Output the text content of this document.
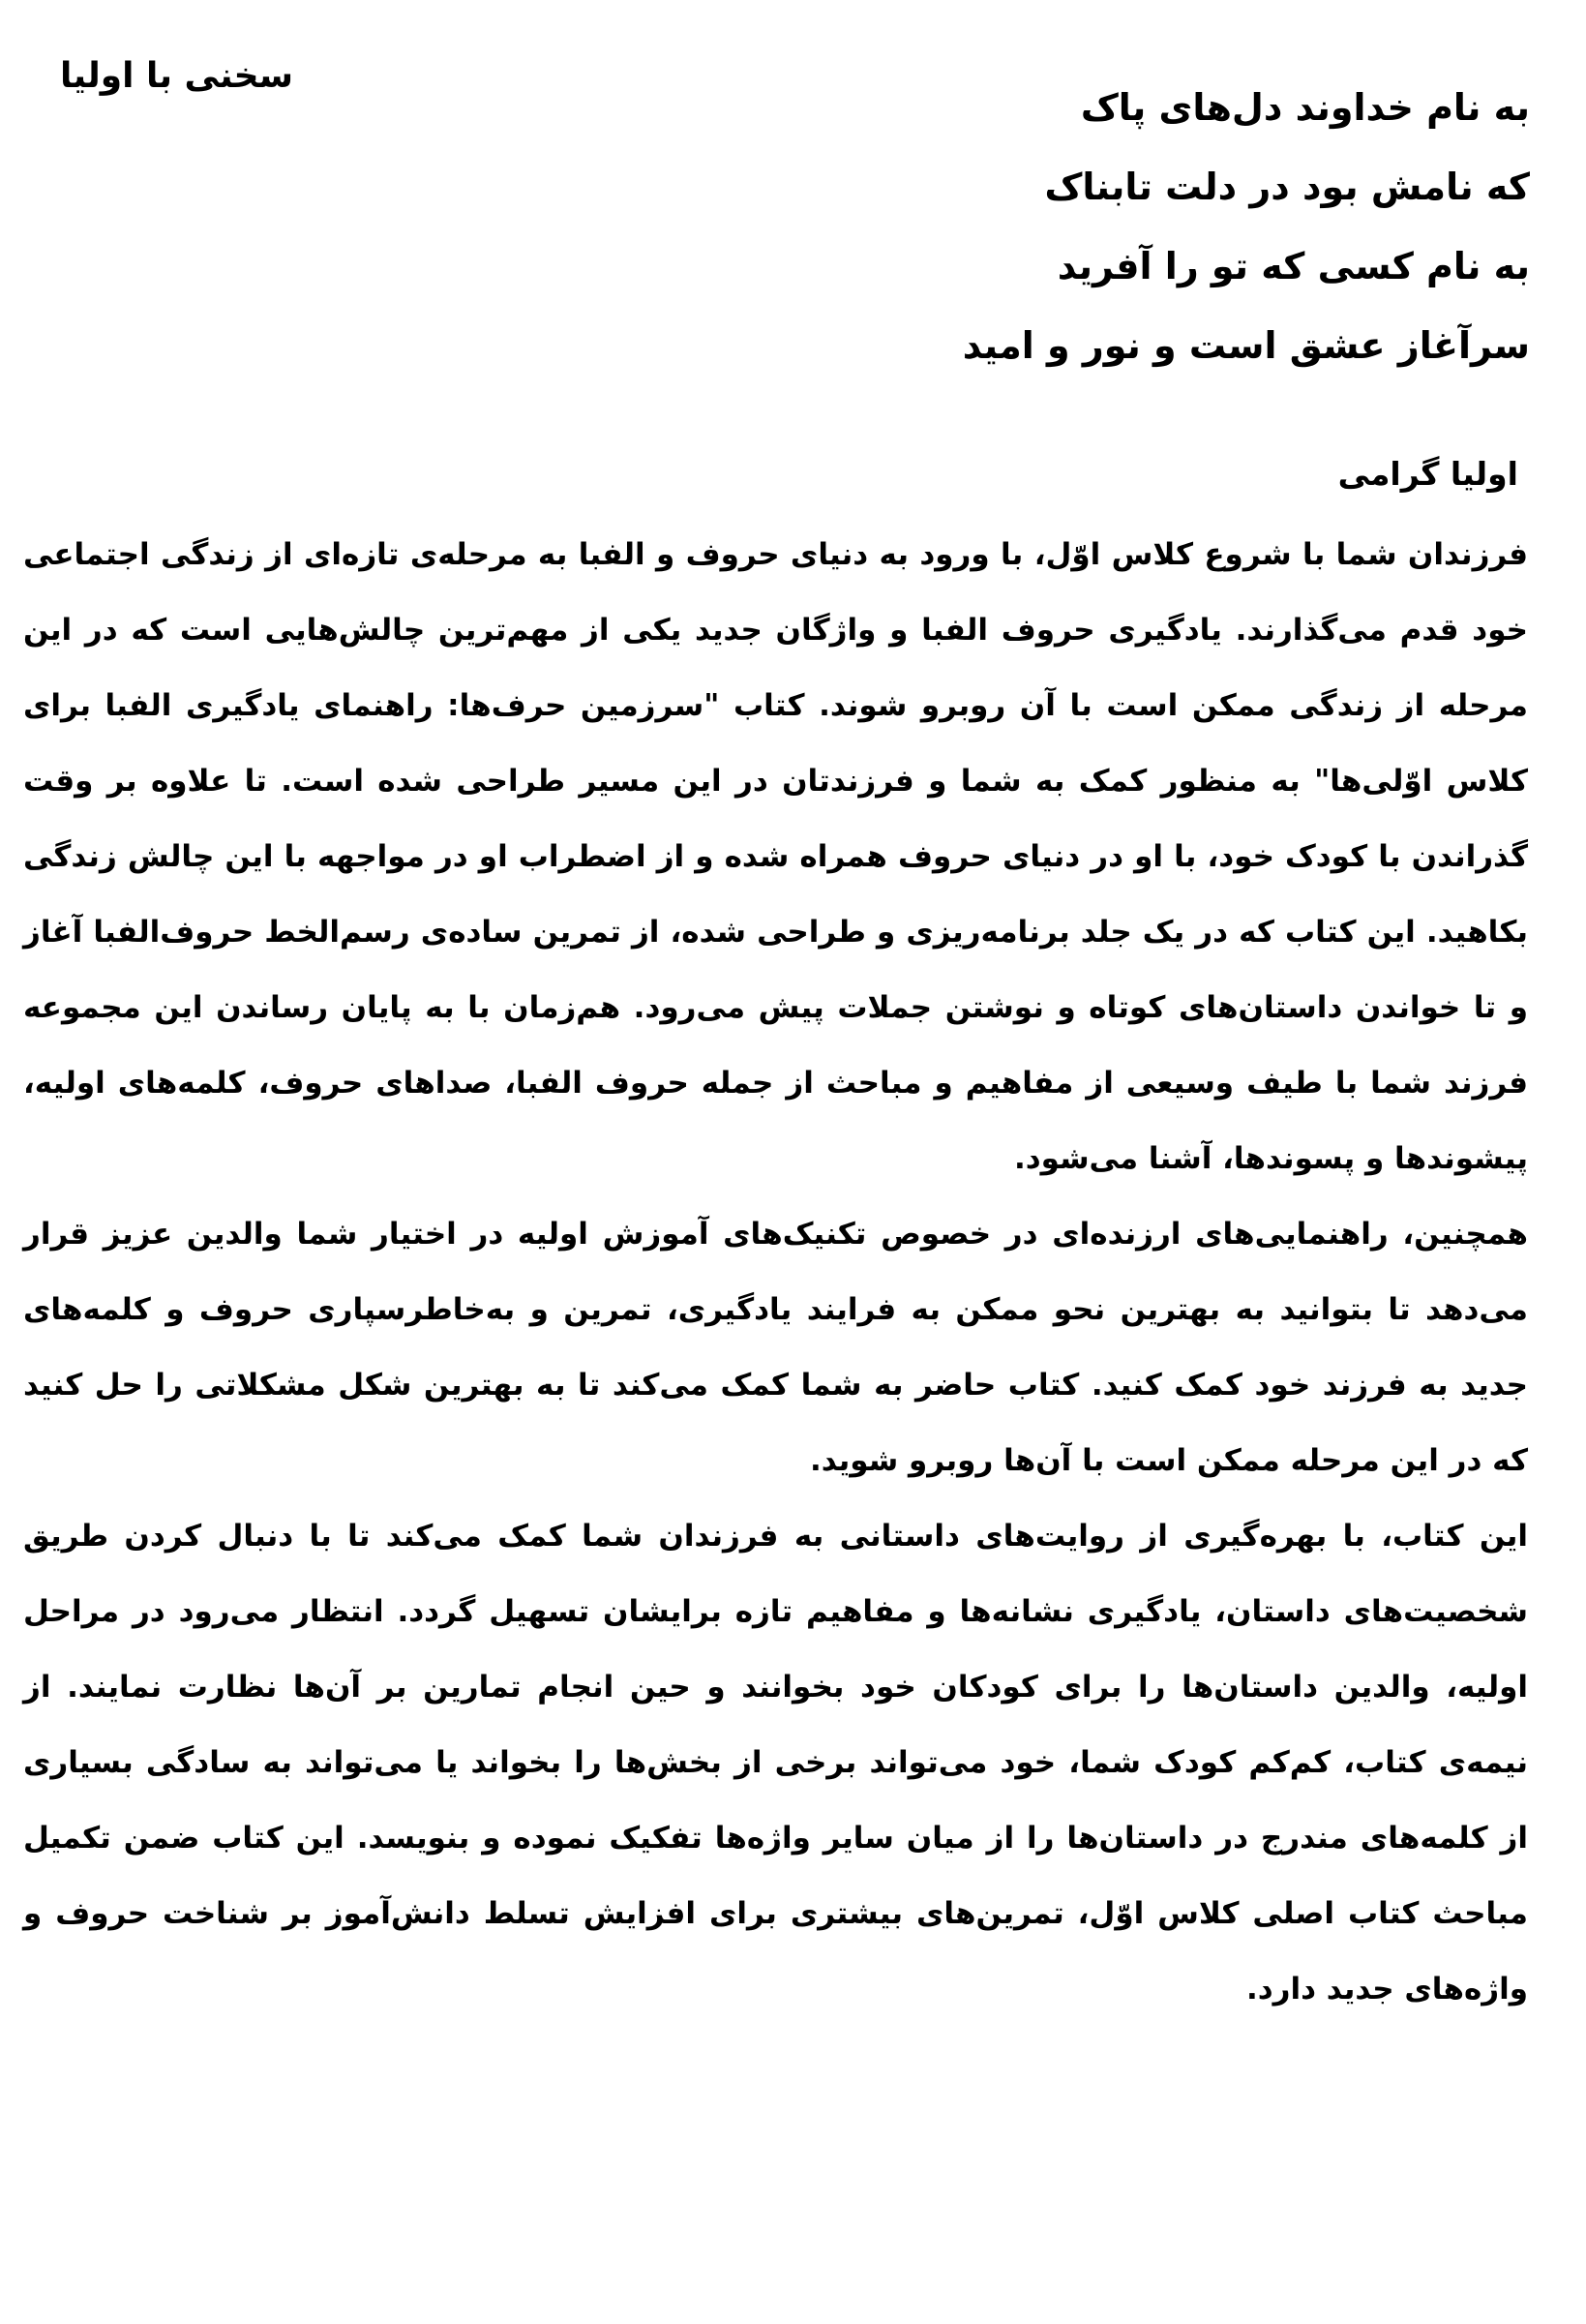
سخنی با اولیا
به نام خداوند دل‌های پاک
که نامش بود در دلت تابناک
به نام کسی که تو را آفرید
سرآغاز عشق است و نور و امید
اولیا گرامی

فرزندان شما با شروع کلاس اوّل، با ورود به دنیای حروف و الفبا به مرحله‌ی تازه‌ای از زندگی اجتماعی خود قدم می‌گذارند. یادگیری حروف الفبا و واژگان جدید یکی از مهم‌ترین چالش‌هایی است که در این مرحله از زندگی ممکن است با آن روبرو شوند. کتاب "سرزمین حرف‌ها: راهنمای یادگیری الفبا برای کلاس اوّلی‌ها" به منظور کمک به شما و فرزندتان در این مسیر طراحی شده است. تا علاوه بر وقت گذراندن با کودک خود، با او در دنیای حروف همراه شده و از اضطراب او در مواجهه با این چالش زندگی بکاهید. این کتاب که در یک جلد برنامه‌ریزی و طراحی شده، از تمرین ساده‌ی رسم‌الخط حروف‌الفبا آغاز و تا خواندن داستان‌های کوتاه و نوشتن جملات پیش می‌رود. هم‌زمان با به پایان رساندن این مجموعه فرزند شما با طیف وسیعی از مفاهیم و مباحث از جمله حروف الفبا، صداهای حروف، کلمه‌های اولیه، پیشوندها و پسوندها، آشنا می‌شود.

همچنین، راهنمایی‌های ارزنده‌ای در خصوص تکنیک‌های آموزش اولیه در اختیار شما والدین عزیز قرار می‌دهد تا بتوانید به بهترین نحو ممکن به فرایند یادگیری، تمرین و به‌خاطرسپاری حروف و کلمه‌های جدید به فرزند خود کمک کنید. کتاب حاضر به شما کمک می‌کند تا به بهترین شکل مشکلاتی را حل کنید که در این مرحله ممکن است با آن‌ها روبرو شوید.

این کتاب، با بهره‌گیری از روایت‌های داستانی به فرزندان شما کمک می‌کند تا با دنبال کردن طریق شخصیت‌های داستان، یادگیری نشانه‌ها و مفاهیم تازه برایشان تسهیل گردد. انتظار می‌رود در مراحل اولیه، والدین داستان‌ها را برای کودکان خود بخوانند و حین انجام تمارین بر آن‌ها نظارت نمایند. از نیمه‌ی کتاب، کم‌کم کودک شما، خود می‌تواند برخی از بخش‌ها را بخواند یا می‌تواند به سادگی بسیاری از کلمه‌های مندرج در داستان‌ها را از میان سایر واژه‌ها تفکیک نموده و بنویسد. این کتاب ضمن تکمیل مباحث کتاب اصلی کلاس اوّل، تمرین‌های بیشتری برای افزایش تسلط دانش‌آموز بر شناخت حروف و واژه‌های جدید دارد.
